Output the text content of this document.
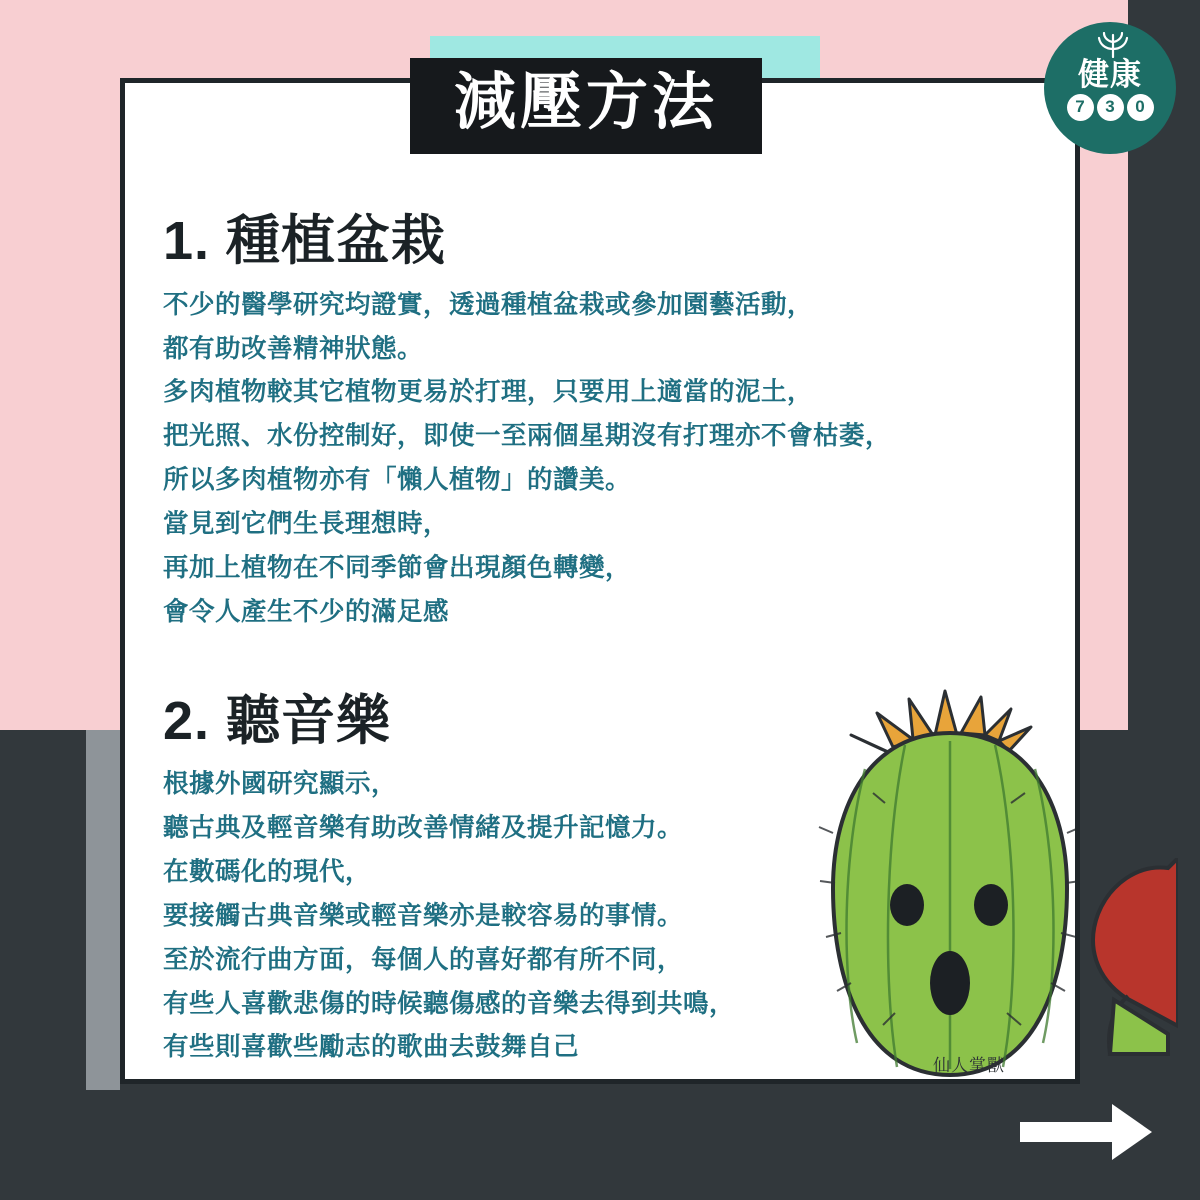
1. 種植盆栽
不少的醫學研究均證實，透過種植盆栽或參加園藝活動，
都有助改善精神狀態。
多肉植物較其它植物更易於打理，只要用上適當的泥土，
把光照、水份控制好，即使一至兩個星期沒有打理亦不會枯萎，
所以多肉植物亦有「懶人植物」的讚美。
當見到它們生長理想時，
再加上植物在不同季節會出現顏色轉變，
會令人產生不少的滿足感
2. 聽音樂
根據外國研究顯示，
聽古典及輕音樂有助改善情緒及提升記憶力。
在數碼化的現代，
要接觸古典音樂或輕音樂亦是較容易的事情。
至於流行曲方面，每個人的喜好都有所不同，
有些人喜歡悲傷的時候聽傷感的音樂去得到共鳴，
有些則喜歡些勵志的歌曲去鼓舞自己
仙人掌獸
減壓方法	健康
7	3	0
